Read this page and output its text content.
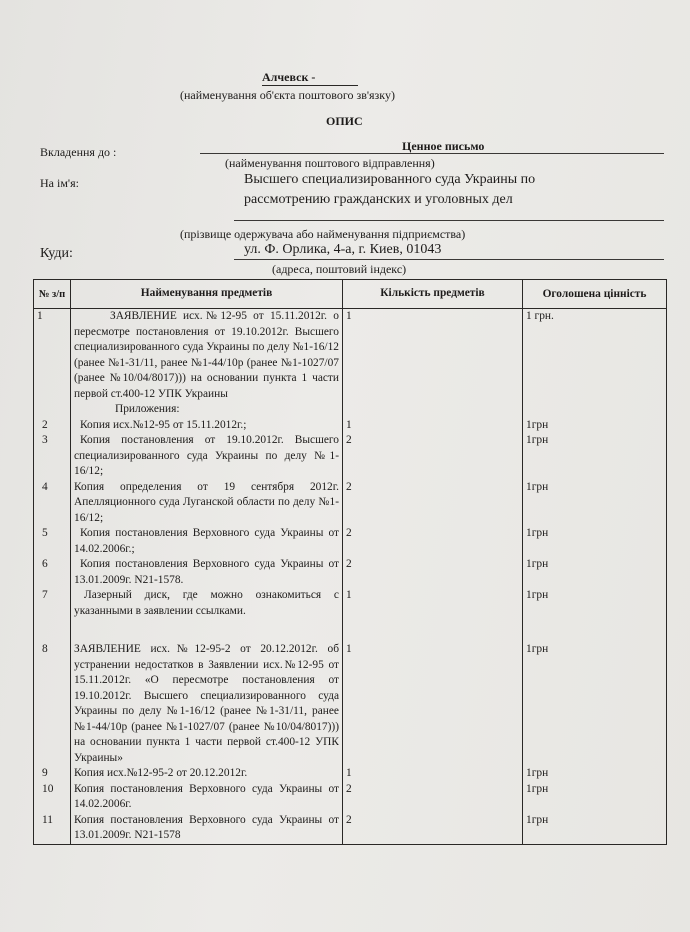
Алчевск -
(найменування об'єкта поштового зв'язку)
ОПИС
Вкладення до :	Ценное письмо
(найменування поштового відправлення)
На ім'я:	Высшего специализированного суда Украины по
рассмотрению гражданских и уголовных дел
(прізвище одержувача або найменування підприємства)
Куди:	ул. Ф. Орлика, 4-а, г. Киев, 01043
(адреса, поштовий індекс)
№ з/п	Найменування предметів	Кількість предметів	Оголошена цінність
1	ЗАЯВЛЕНИЕ исх.№12-95 от 15.11.2012г. о пересмотре постановления от 19.10.2012г. Высшего специализированного суда Украины по делу №1-16/12 (ранее №1-31/11, ранее №1-44/10р (ранее №1-1027/07 (ранее №10/04/8017))) на основании пункта 1 части первой ст.400-12 УПК Украины	1	1 грн.
	Приложения:		
2	Копия исх.№12-95 от 15.11.2012г.;	1	1грн
3	Копия постановления от 19.10.2012г. Высшего специализированного суда Украины по делу №1-16/12;	2	1грн
4	Копия определения от 19 сентября 2012г. Апелляционного суда Луганской области по делу №1-16/12;	2	1грн
5	Копия постановления Верховного суда Украины от 14.02.2006г.;	2	1грн
6	Копия постановления Верховного суда Украины от 13.01.2009г. N21-1578.	2	1грн
7	Лазерный диск, где можно ознакомиться с указанными в заявлении ссылками.	1	1грн
8	ЗАЯВЛЕНИЕ исх.№12-95-2 от 20.12.2012г. об устранении недостатков в Заявлении исх.№12-95 от 15.11.2012г. «О пересмотре постановления от 19.10.2012г. Высшего специализированного суда Украины по делу №1-16/12 (ранее №1-31/11, ранее №1-44/10р (ранее №1-1027/07 (ранее №10/04/8017))) на основании пункта 1 части первой ст.400-12 УПК Украины»	1	1грн
9	Копия исх.№12-95-2 от 20.12.2012г.	1	1грн
10	Копия постановления Верховного суда Украины от 14.02.2006г.	2	1грн
11	Копия постановления Верховного суда Украины от 13.01.2009г. N21-1578	2	1грн
